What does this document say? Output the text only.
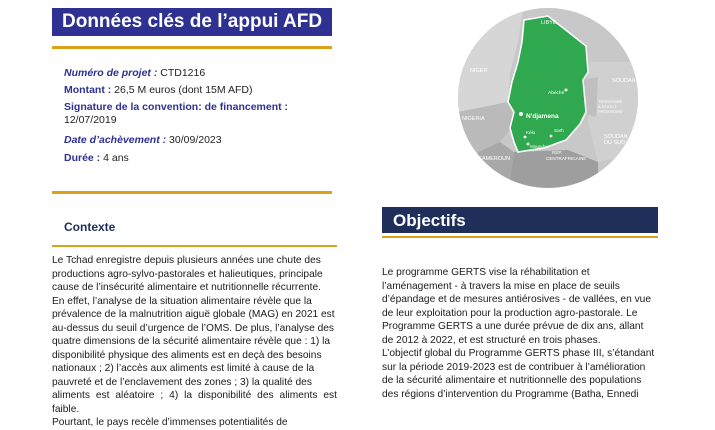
Données clés de l’appui AFD
Numéro de projet : CTD1216
Montant : 26,5 M euros (dont 15M AFD)
Signature de la convention: de financement :
12/07/2019
Date d’achèvement : 30/09/2023
Durée : 4 ans
LIBYE
NIGER
SOUDAN
Abéché
TERRITOIRE
À STATUT
PROVISOIRE
N'djamena
NIGERIA
Kélo	Sarh
Moundou
SOUDAN
DU SUD
CAMEROUN
REP.
CENTRAFRICAINE
Contexte
Le Tchad enregistre depuis plusieurs années une chute des
productions agro-sylvo-pastorales et halieutiques, principale
cause de l’insécurité alimentaire et nutritionnelle récurrente.
En effet, l’analyse de la situation alimentaire révèle que la
prévalence de la malnutrition aiguë globale (MAG) en 2021 est
au-dessus du seuil d’urgence de l’OMS. De plus, l’analyse des
quatre dimensions de la sécurité alimentaire révèle que : 1) la
disponibilité physique des aliments est en deçà des besoins
nationaux ; 2) l’accès aux aliments est limité à cause de la
pauvreté et de l’enclavement des zones ; 3) la qualité des
aliments est aléatoire ; 4) la disponibilité des aliments est faible.
Pourtant, le pays recèle d’immenses potentialités de
Objectifs
Le programme GERTS vise la réhabilitation et
l’aménagement - à travers la mise en place de seuils
d’épandage et de mesures antiérosives - de vallées, en vue
de leur exploitation pour la production agro-pastorale. Le
Programme GERTS a une durée prévue de dix ans, allant
de 2012 à 2022, et est structuré en trois phases.
L’objectif global du Programme GERTS phase III, s’étandant
sur la période 2019-2023 est de contribuer à l’amélioration
de la sécurité alimentaire et nutritionnelle des populations
des régions d’intervention du Programme (Batha, Ennedi
